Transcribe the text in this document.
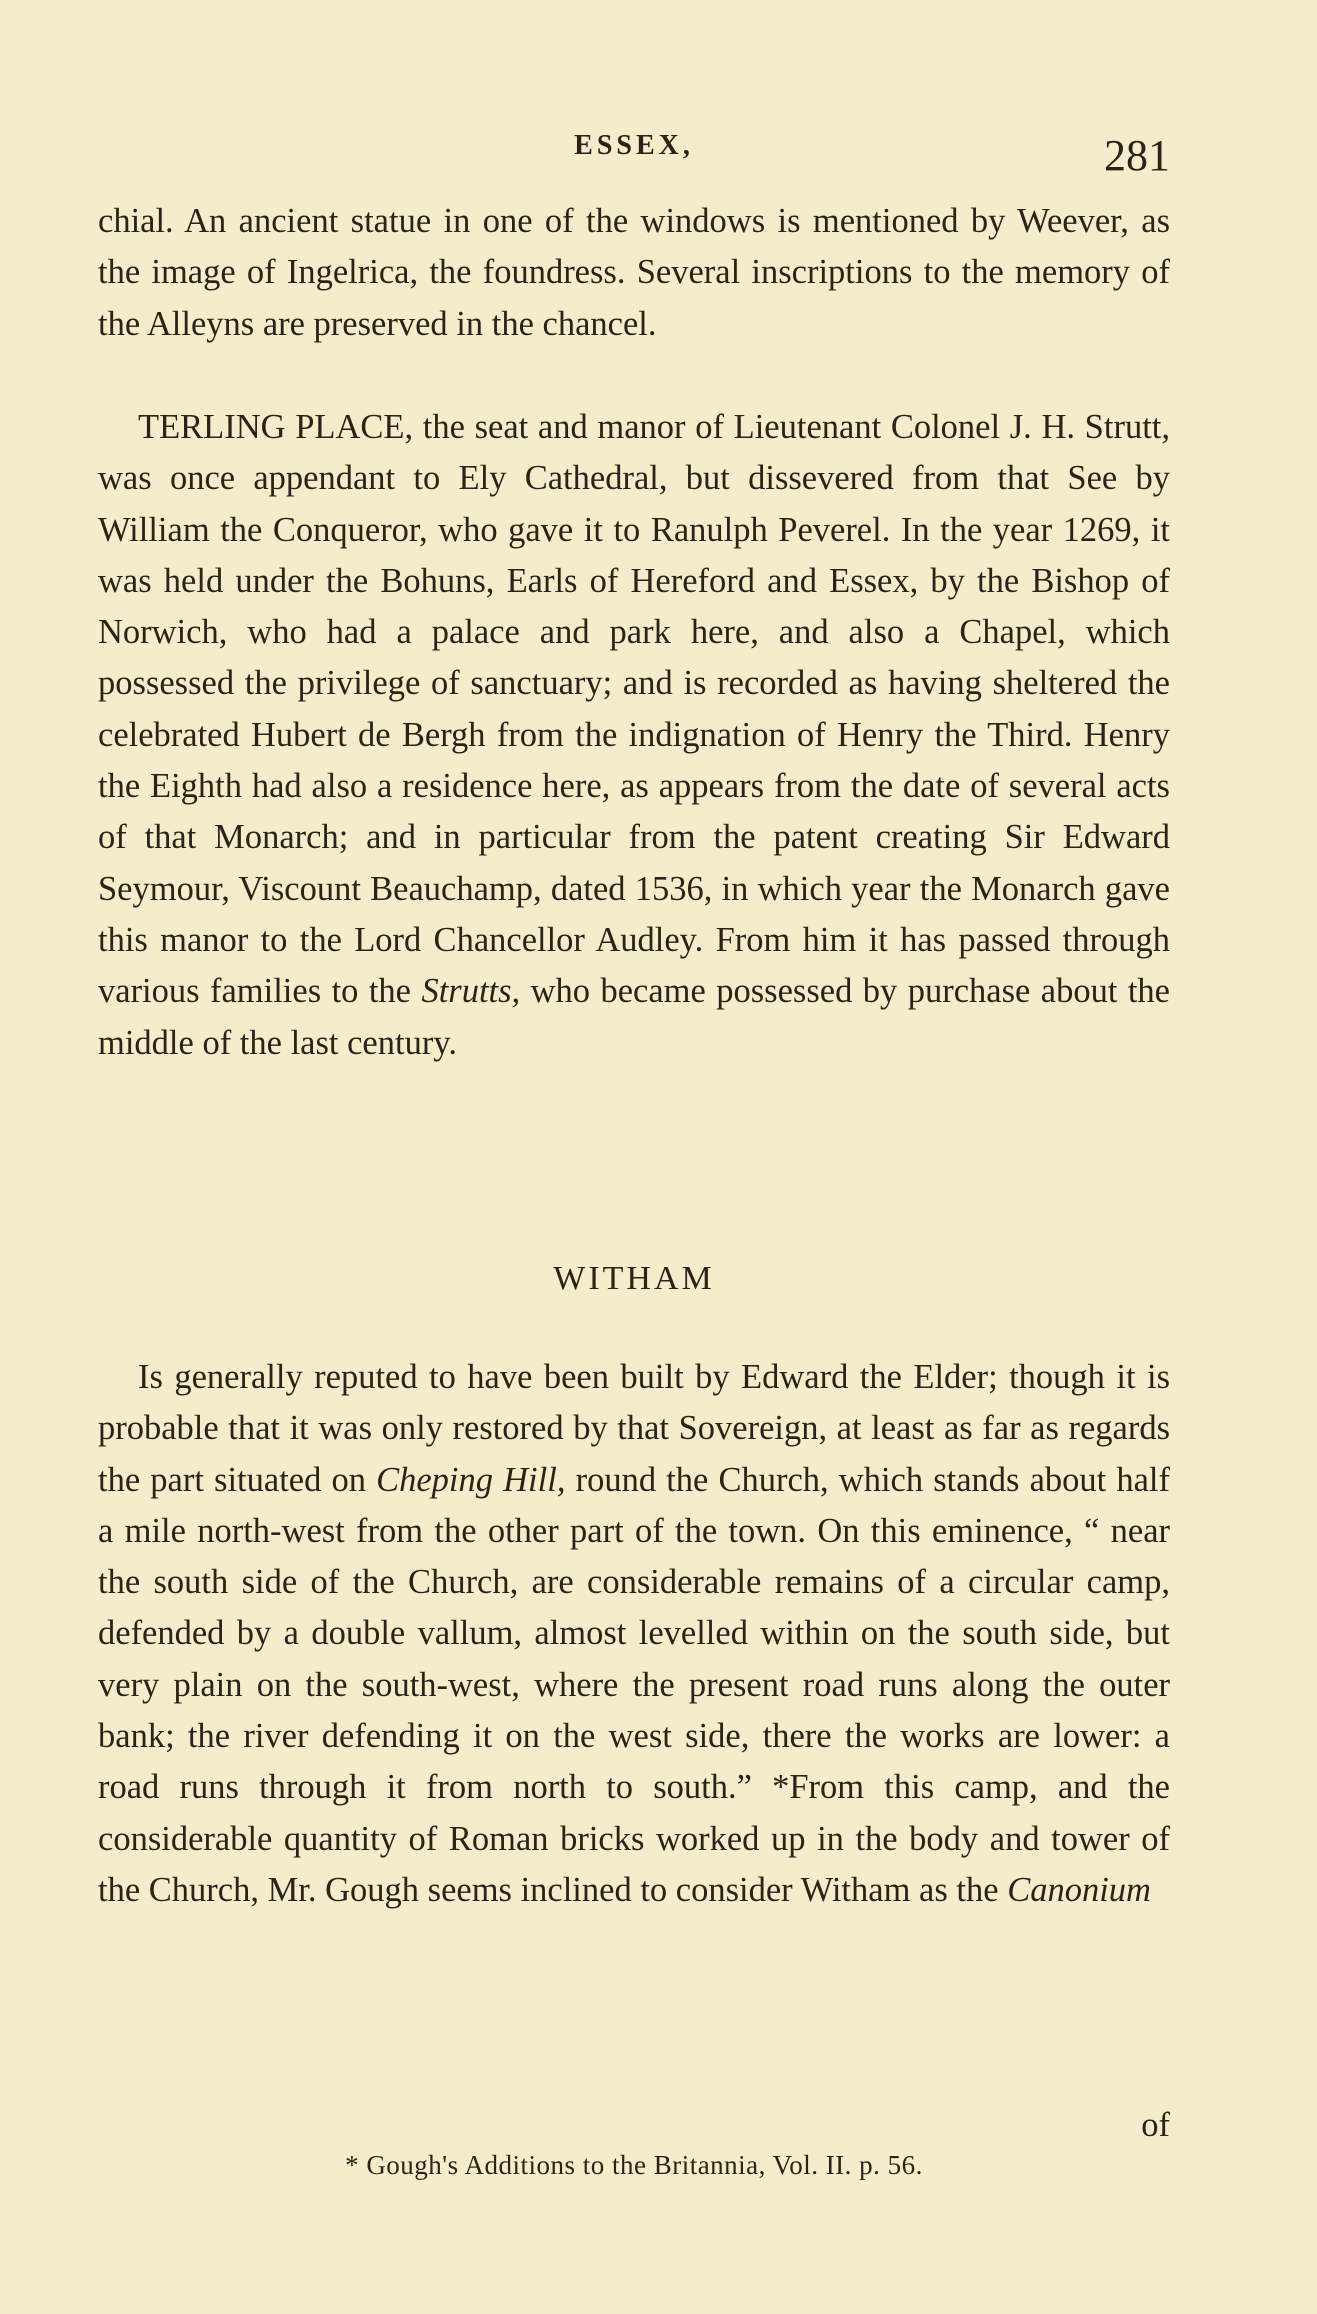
ESSEX,	281

chial. An ancient statue in one of the windows is mentioned by Weever, as the image of Ingelrica, the foundress. Several inscriptions to the memory of the Alleyns are preserved in the chancel.

TERLING PLACE, the seat and manor of Lieutenant Colonel J. H. Strutt, was once appendant to Ely Cathedral, but dissevered from that See by William the Conqueror, who gave it to Ranulph Peverel. In the year 1269, it was held under the Bohuns, Earls of Hereford and Essex, by the Bishop of Norwich, who had a palace and park here, and also a Chapel, which possessed the privilege of sanctuary; and is recorded as having sheltered the celebrated Hubert de Bergh from the indignation of Henry the Third. Henry the Eighth had also a residence here, as appears from the date of several acts of that Monarch; and in particular from the patent creating Sir Edward Seymour, Viscount Beauchamp, dated 1536, in which year the Monarch gave this manor to the Lord Chancellor Audley. From him it has passed through various families to the Strutts, who became possessed by purchase about the middle of the last century.

WITHAM

Is generally reputed to have been built by Edward the Elder; though it is probable that it was only restored by that Sovereign, at least as far as regards the part situated on Cheping Hill, round the Church, which stands about half a mile north-west from the other part of the town. On this eminence, “ near the south side of the Church, are considerable remains of a circular camp, defended by a double vallum, almost levelled within on the south side, but very plain on the south-west, where the present road runs along the outer bank; the river defending it on the west side, there the works are lower: a road runs through it from north to south.” *From this camp, and the considerable quantity of Roman bricks worked up in the body and tower of the Church, Mr. Gough seems inclined to consider Witham as the Canonium

of
* Gough's Additions to the Britannia, Vol. II. p. 56.
